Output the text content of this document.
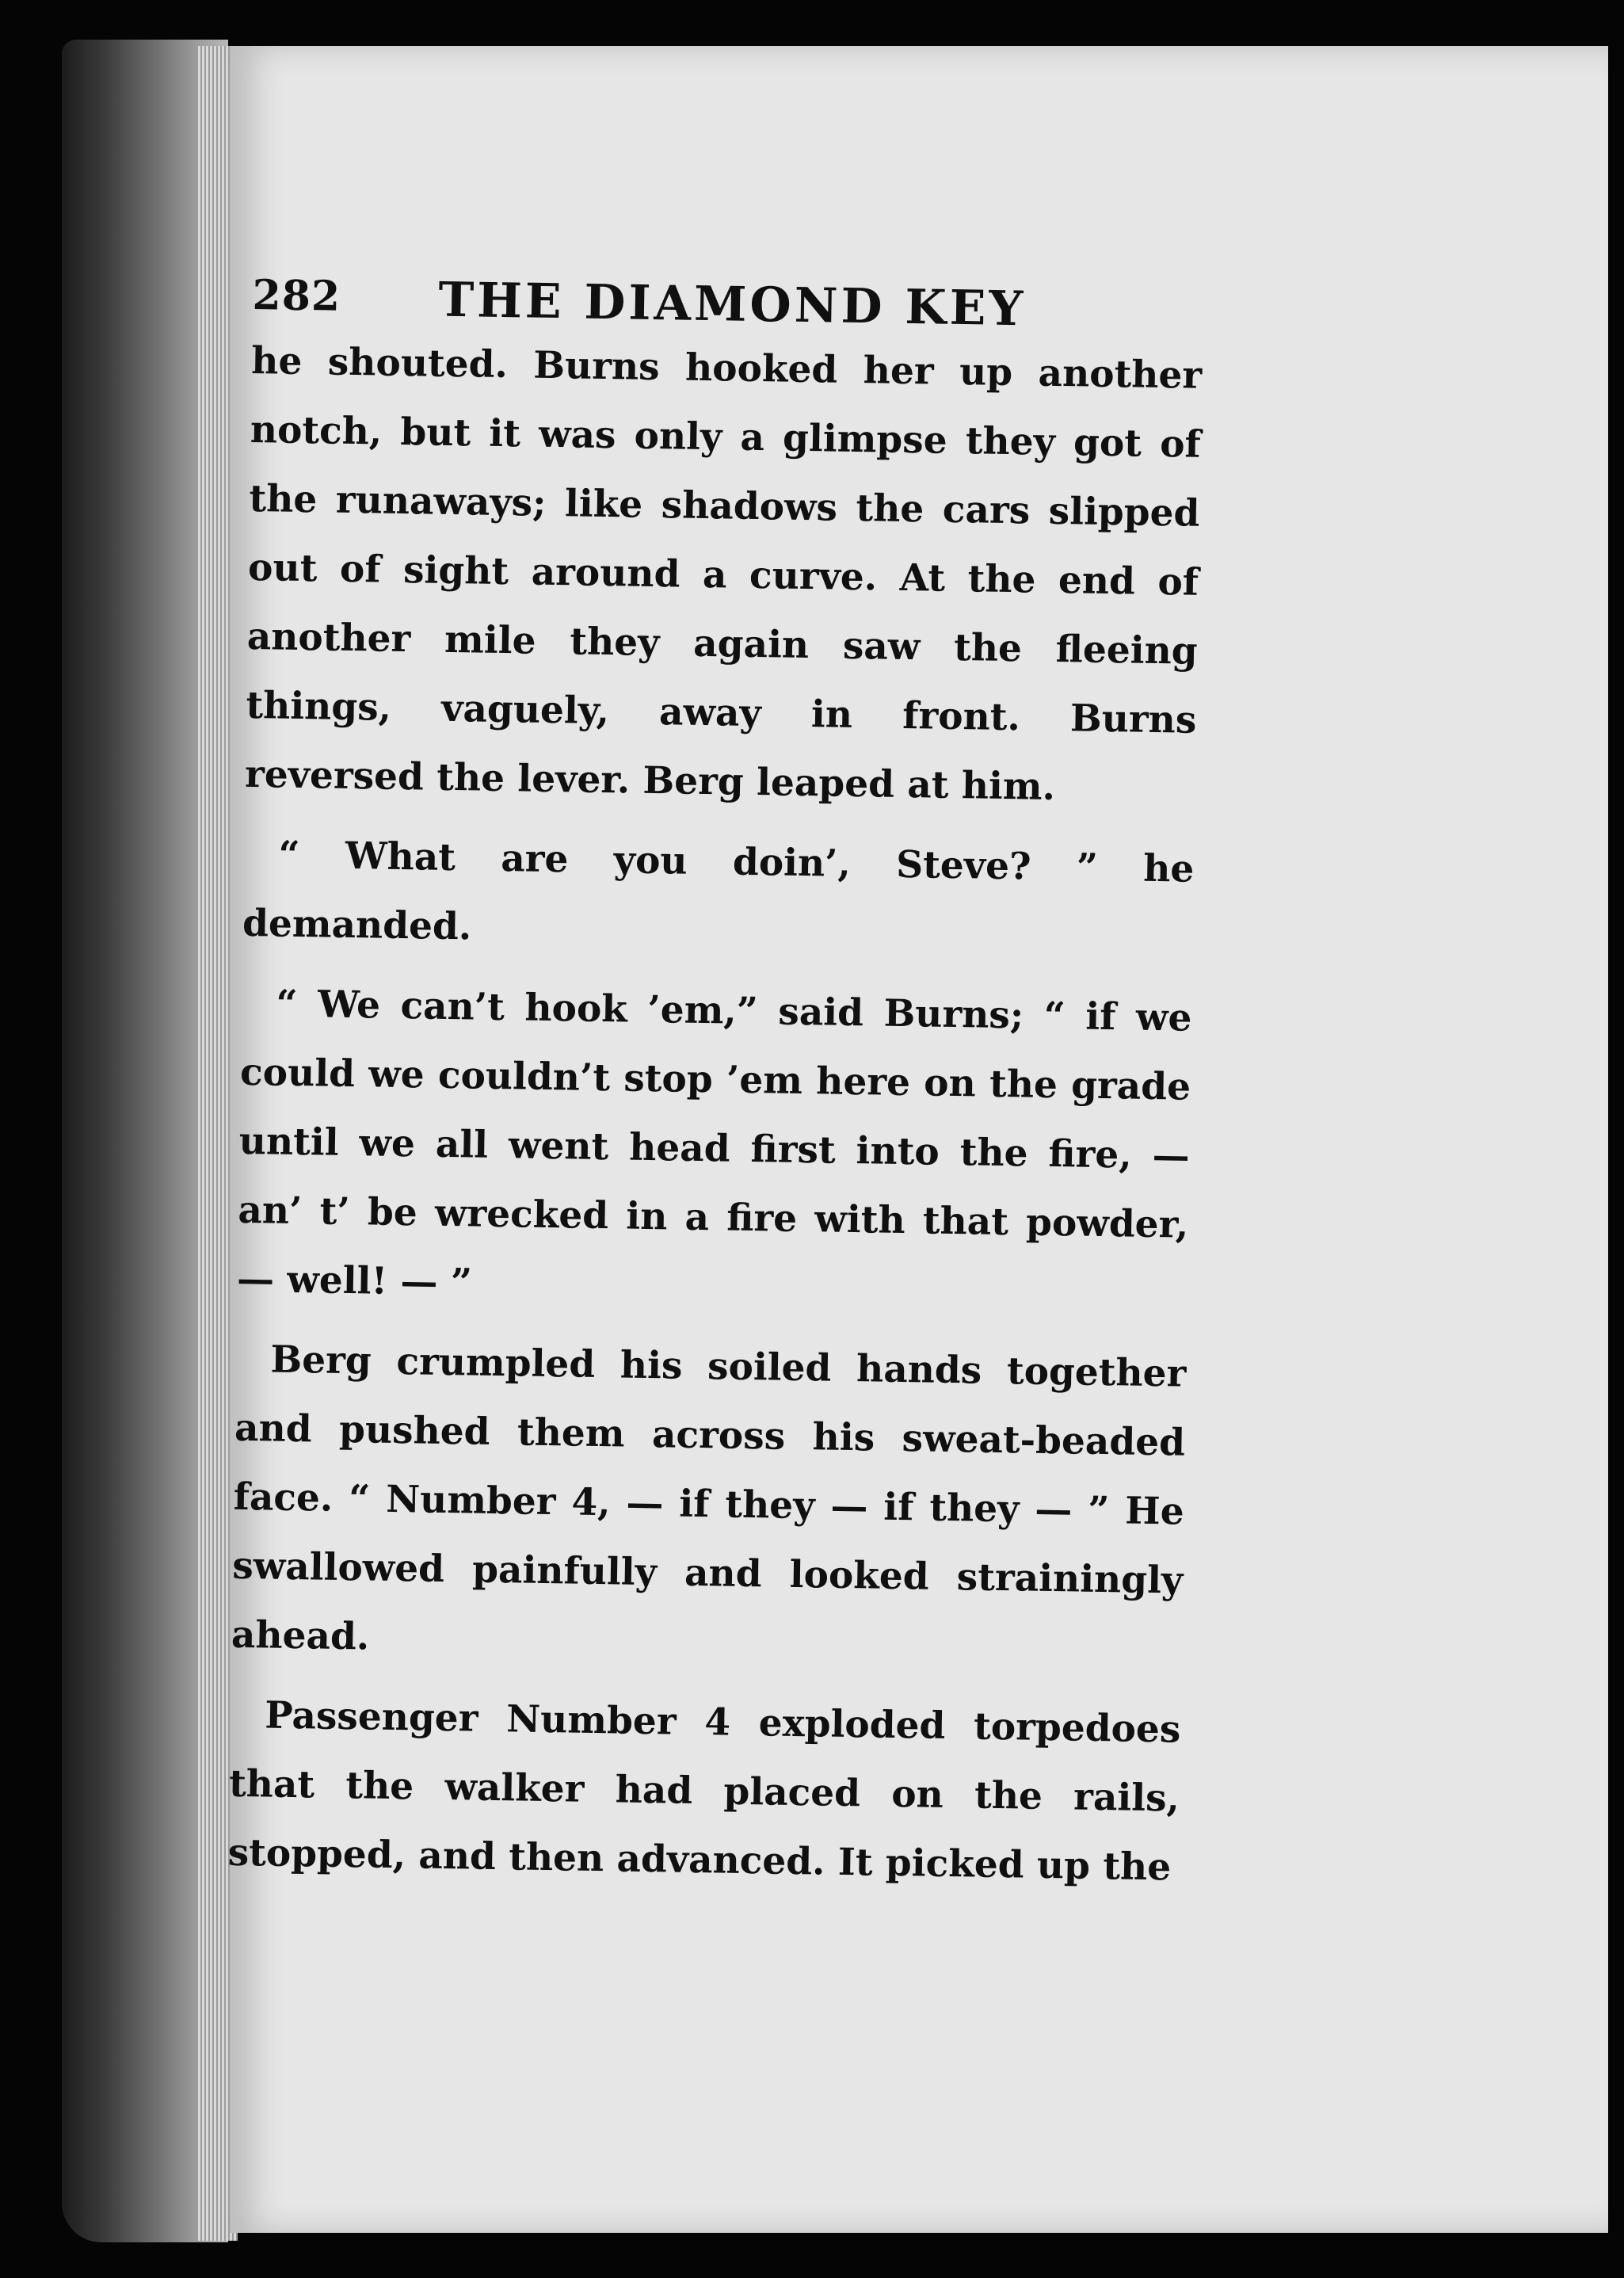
282 THE DIAMOND KEY

he shouted. Burns hooked her up another notch, but it was only a glimpse they got of the runaways; like shadows the cars slipped out of sight around a curve. At the end of another mile they again saw the fleeing things, vaguely, away in front. Burns reversed the lever. Berg leaped at him.

“ What are you doin’, Steve? ” he demanded.

“ We can’t hook ’em,” said Burns; “ if we could we couldn’t stop ’em here on the grade until we all went head first into the fire, — an’ t’ be wrecked in a fire with that powder, — well! — ”

Berg crumpled his soiled hands together and pushed them across his sweat-beaded face. “ Number 4, — if they — if they — ” He swallowed painfully and looked strainingly ahead.

Passenger Number 4 exploded torpedoes that the walker had placed on the rails, stopped, and then advanced. It picked up the
